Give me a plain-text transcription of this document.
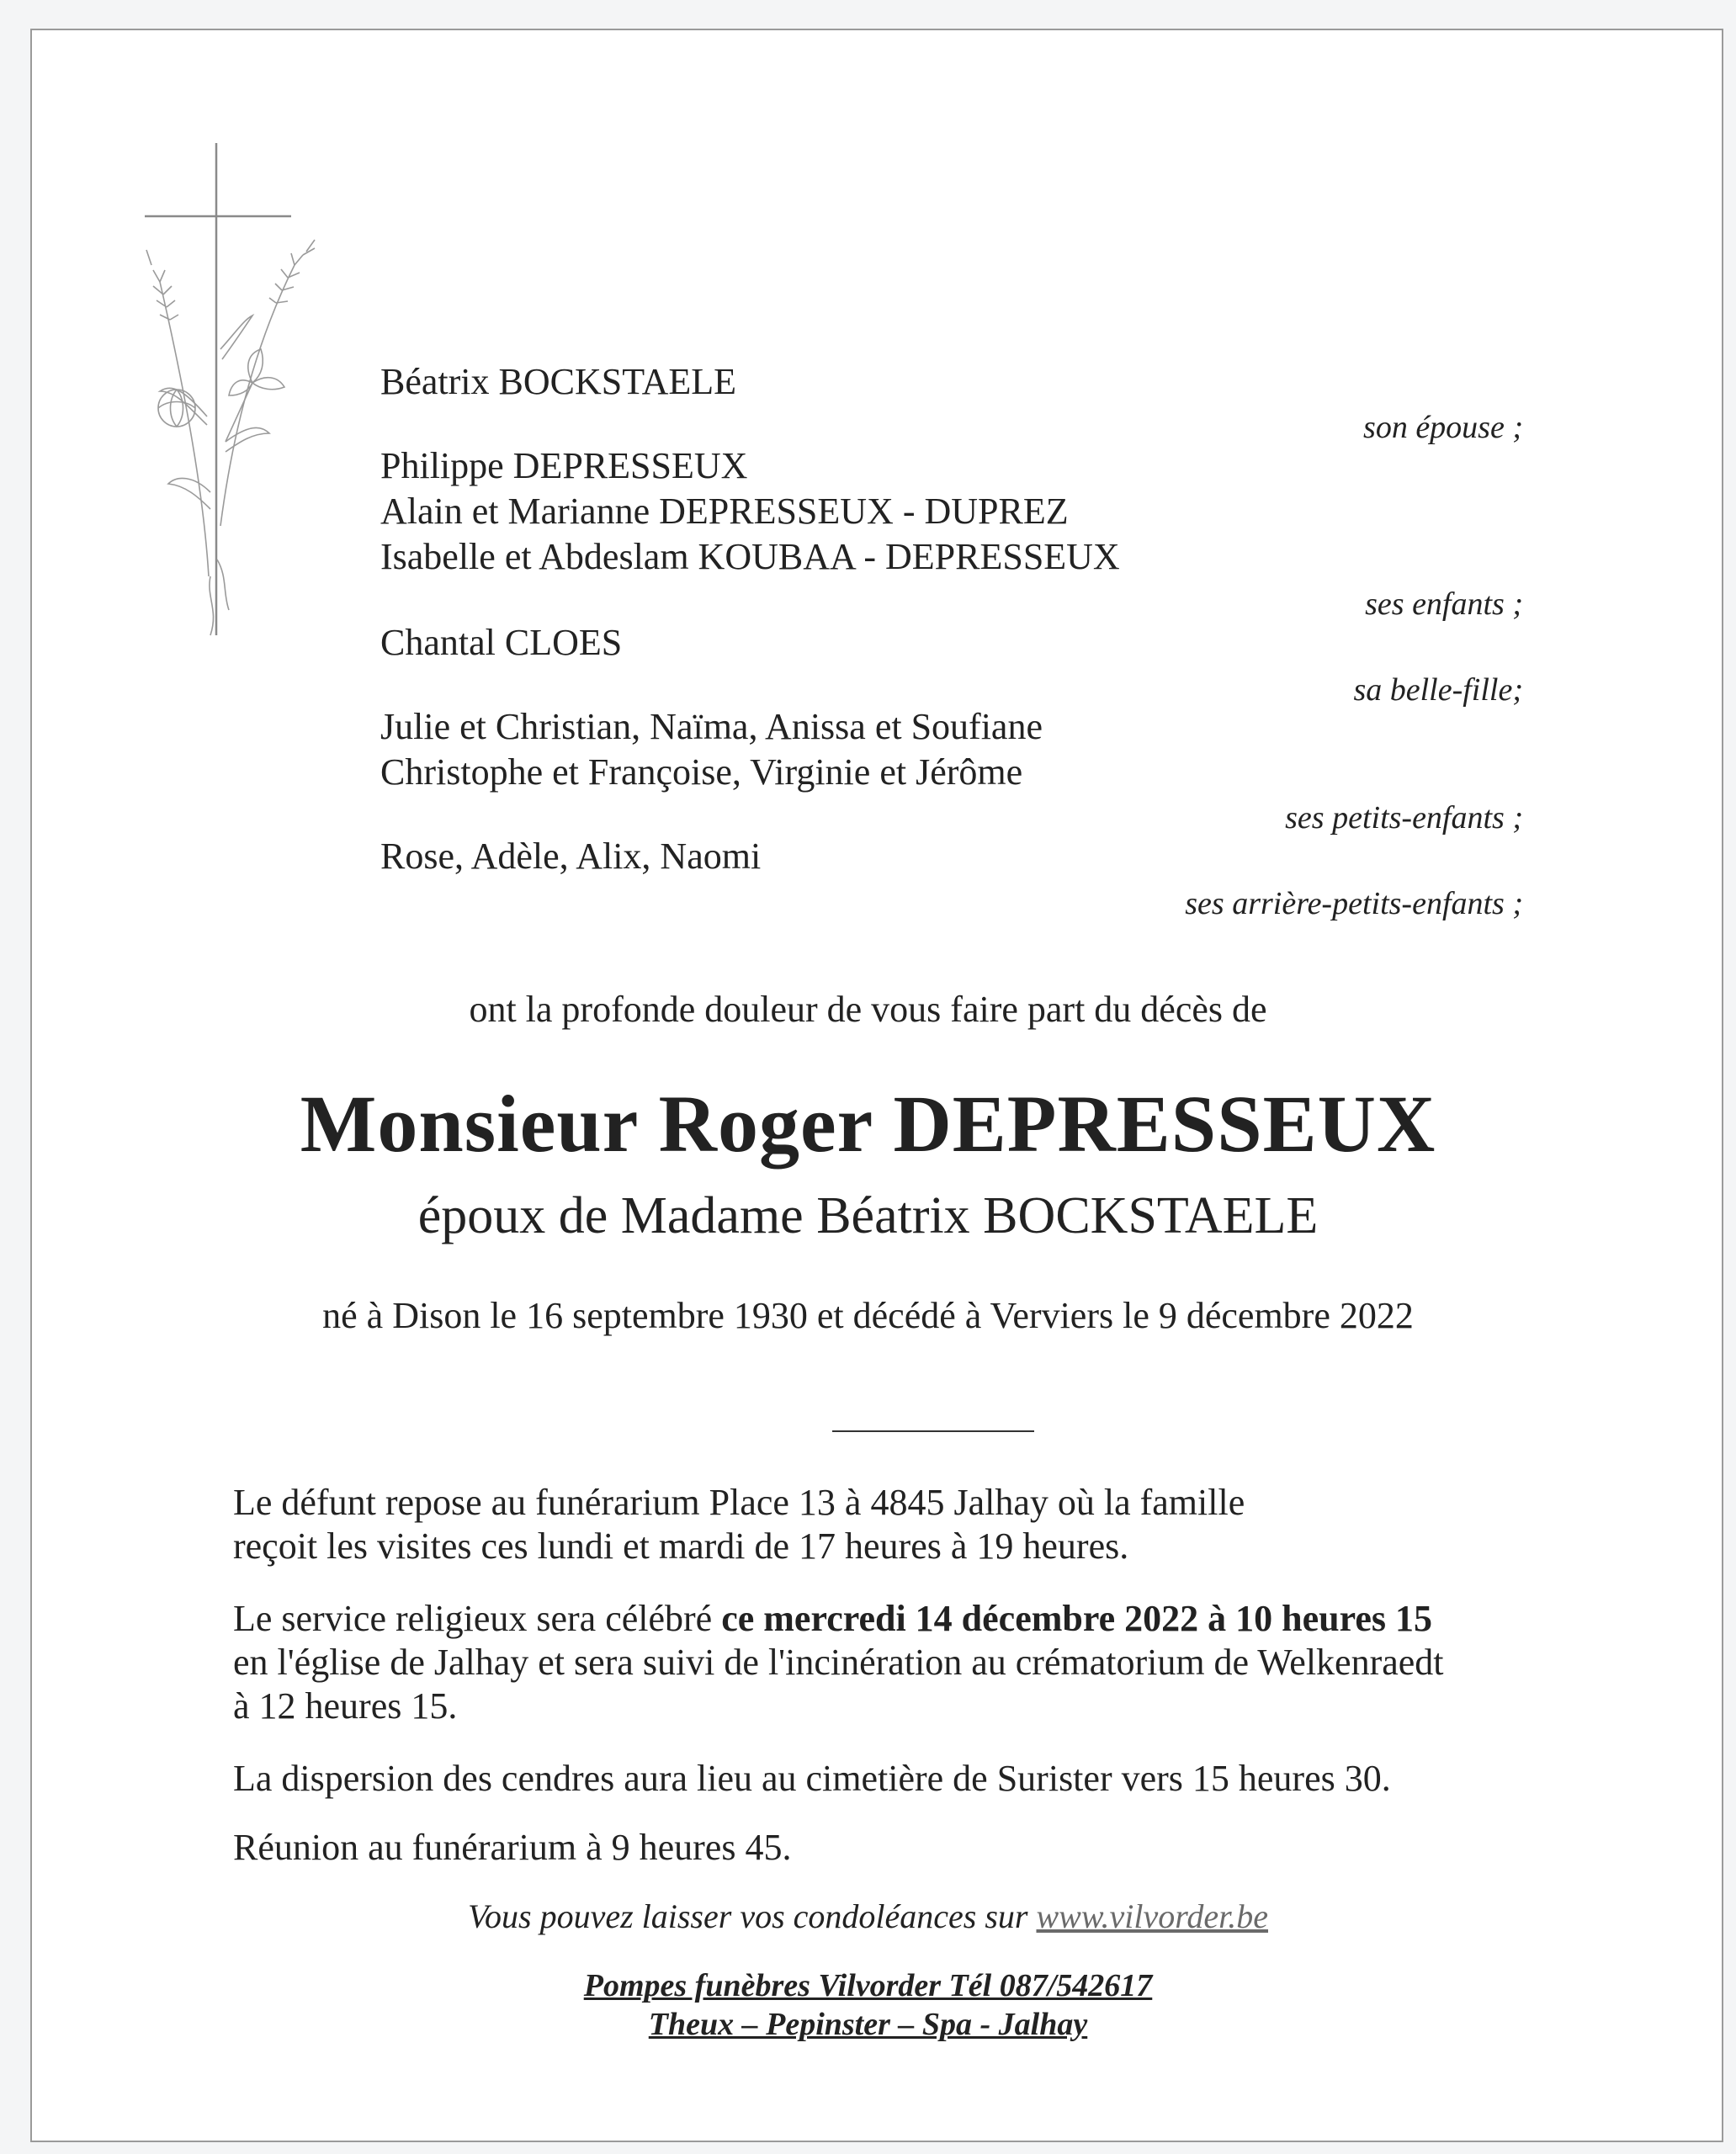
Béatrix BOCKSTAELE
son épouse ;
Philippe DEPRESSEUX
Alain et Marianne DEPRESSEUX - DUPREZ
Isabelle et Abdeslam KOUBAA - DEPRESSEUX
ses enfants ;
Chantal CLOES
sa belle-fille;
Julie et Christian, Naïma, Anissa et Soufiane
Christophe et Françoise, Virginie et Jérôme
ses petits-enfants ;
Rose, Adèle, Alix, Naomi
ses arrière-petits-enfants ;
ont la profonde douleur de vous faire part du décès de
Monsieur Roger DEPRESSEUX
époux de Madame Béatrix BOCKSTAELE
né à Dison le 16 septembre 1930 et décédé à Verviers le 9 décembre 2022
Le défunt repose au funérarium Place 13 à 4845 Jalhay où la famille
reçoit les visites ces lundi et mardi de 17 heures à 19 heures.
Le service religieux sera célébré ce mercredi 14 décembre 2022 à 10 heures 15
en l'église de Jalhay et sera suivi de l'incinération au crématorium de Welkenraedt
à 12 heures 15.
La dispersion des cendres aura lieu au cimetière de Surister vers 15 heures 30.
Réunion au funérarium à 9 heures 45.
Vous pouvez laisser vos condoléances sur www.vilvorder.be
Pompes funèbres Vilvorder Tél 087/542617
Theux – Pepinster – Spa - Jalhay
